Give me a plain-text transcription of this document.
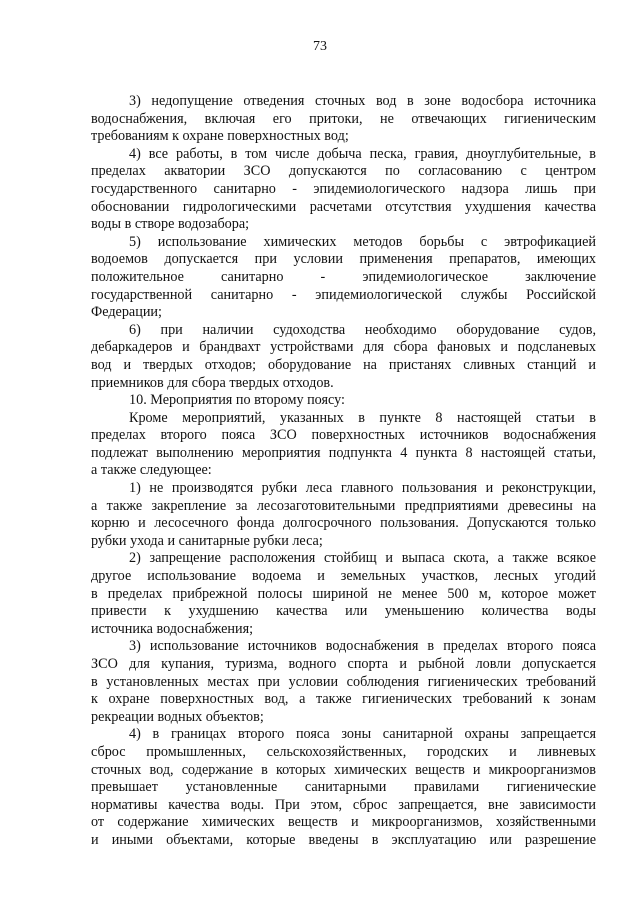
73
3) недопущение отведения сточных вод в зоне водосбора источника
водоснабжения, включая его притоки, не отвечающих гигиеническим
требованиям к охране поверхностных вод;
4) все работы, в том числе добыча песка, гравия, дноуглубительные, в
пределах акватории ЗСО допускаются по согласованию с центром
государственного санитарно - эпидемиологического надзора лишь при
обосновании гидрологическими расчетами отсутствия ухудшения качества
воды в створе водозабора;
5) использование химических методов борьбы с эвтрофикацией
водоемов допускается при условии применения препаратов, имеющих
положительное санитарно - эпидемиологическое заключение
государственной санитарно - эпидемиологической службы Российской
Федерации;
6) при наличии судоходства необходимо оборудование судов,
дебаркадеров и брандвахт устройствами для сбора фановых и подсланевых
вод и твердых отходов; оборудование на пристанях сливных станций и
приемников для сбора твердых отходов.
10. Мероприятия по второму поясу:
Кроме мероприятий, указанных в пункте 8 настоящей статьи в
пределах второго пояса ЗСО поверхностных источников водоснабжения
подлежат выполнению мероприятия подпункта 4 пункта 8 настоящей статьи,
а также следующее:
1) не производятся рубки леса главного пользования и реконструкции,
а также закрепление за лесозаготовительными предприятиями древесины на
корню и лесосечного фонда долгосрочного пользования. Допускаются только
рубки ухода и санитарные рубки леса;
2) запрещение расположения стойбищ и выпаса скота, а также всякое
другое использование водоема и земельных участков, лесных угодий
в пределах прибрежной полосы шириной не менее 500 м, которое может
привести к ухудшению качества или уменьшению количества воды
источника водоснабжения;
3) использование источников водоснабжения в пределах второго пояса
ЗСО для купания, туризма, водного спорта и рыбной ловли допускается
в установленных местах при условии соблюдения гигиенических требований
к охране поверхностных вод, а также гигиенических требований к зонам
рекреации водных объектов;
4) в границах второго пояса зоны санитарной охраны запрещается
сброс промышленных, сельскохозяйственных, городских и ливневых
сточных вод, содержание в которых химических веществ и микроорганизмов
превышает установленные санитарными правилами гигиенические
нормативы качества воды. При этом, сброс запрещается, вне зависимости
от содержание химических веществ и микроорганизмов, хозяйственными
и иными объектами, которые введены в эксплуатацию или разрешение
